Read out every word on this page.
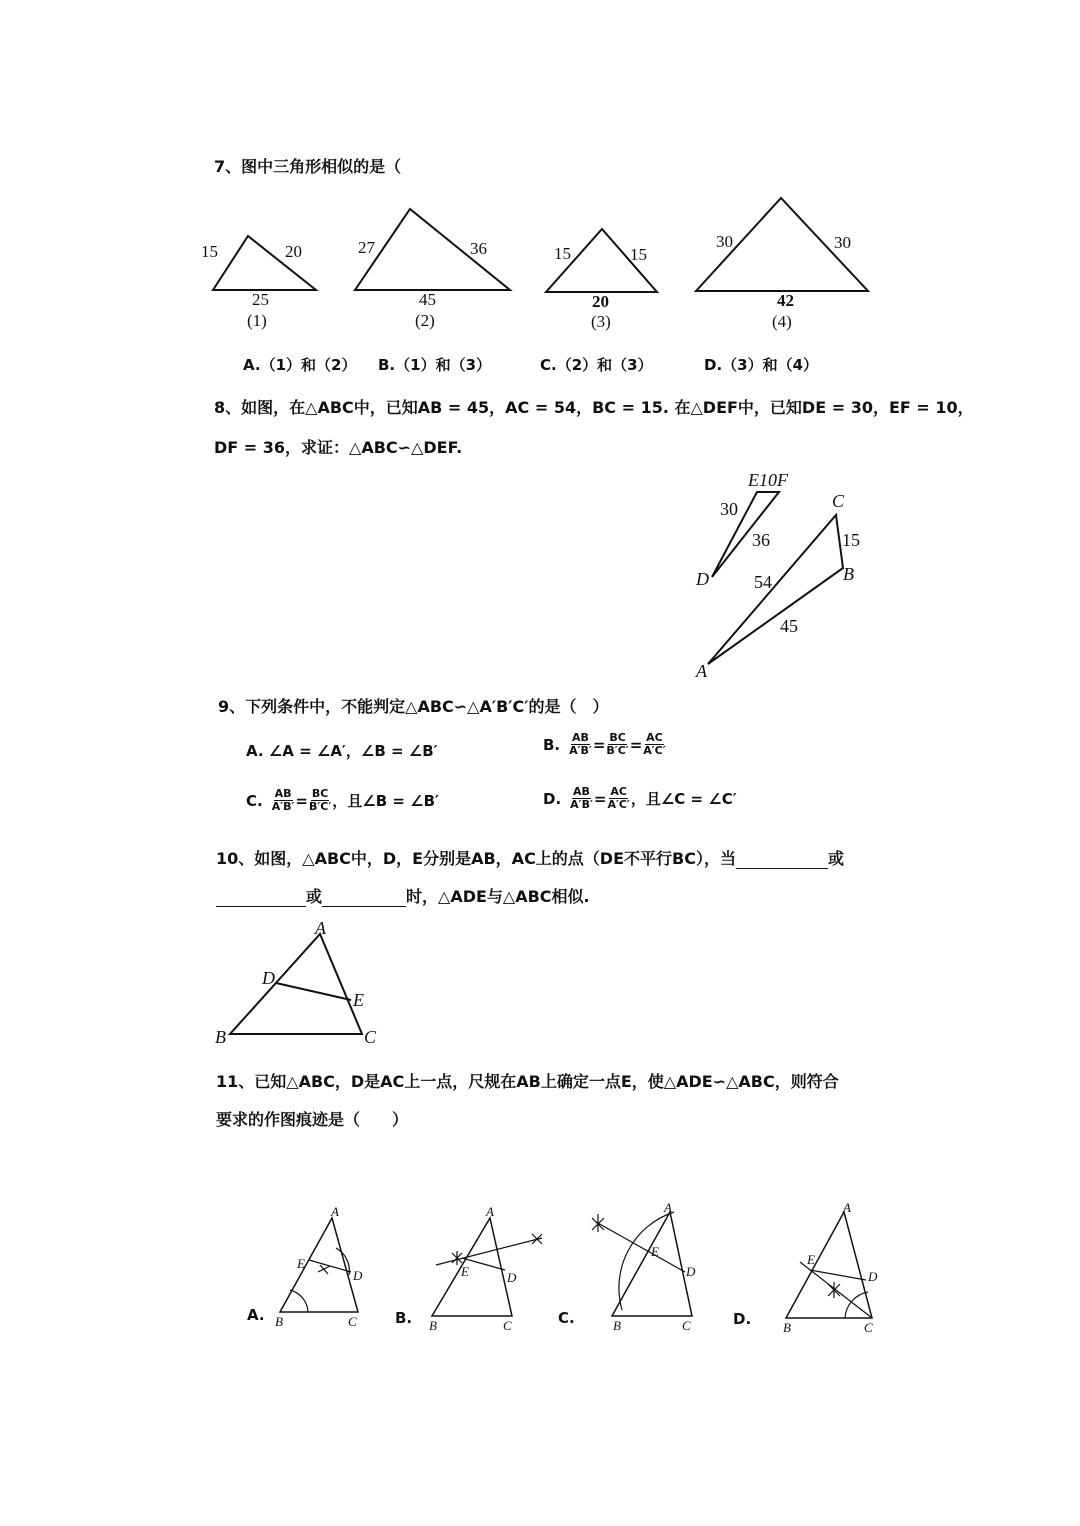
7、图中三角形相似的是（
15	20
25
(1)
27	36
45
(2)
15	15
20
(3)
30	30
42
(4)
E10F
30
36
D
C
15
B
54
45
A
A
D
E
B	C
A
E
D
B	C
A
E	D
B	C
A
E
D
B	C
A
E
D
B	C
A.（1）和（2） B.（1）和（3）	C.（2）和（3）	D.（3）和（4）
8、如图，在△ABC中，已知AB = 45，AC = 54，BC = 15. 在△DEF中，已知DE = 30，EF = 10，
DF = 36，求证：△ABC∽△DEF.
9、下列条件中，不能判定△ABC∽△A′B′C′的是（　）
A. ∠A = ∠A′，∠B = ∠B′	B. $\frac{AB}{A'B'} = \frac{BC}{B'C'} = \frac{AC}{A'C'}$
C. $\frac{AB}{A'B'} = \frac{BC}{B'C'}$ ，且∠B = ∠B′	D. $\frac{AB}{A'B'} = \frac{AC}{A'C'}$ ，且∠C = ∠C′
10、如图，△ABC中，D，E分别是AB，AC上的点（DE不平行BC），当	或
或	时，△ADE与△ABC相似.
11、已知△ABC，D是AC上一点，尺规在AB上确定一点E，使△ADE∽△ABC，则符合
要求的作图痕迹是（　　）
A.	B.	C.	D.
